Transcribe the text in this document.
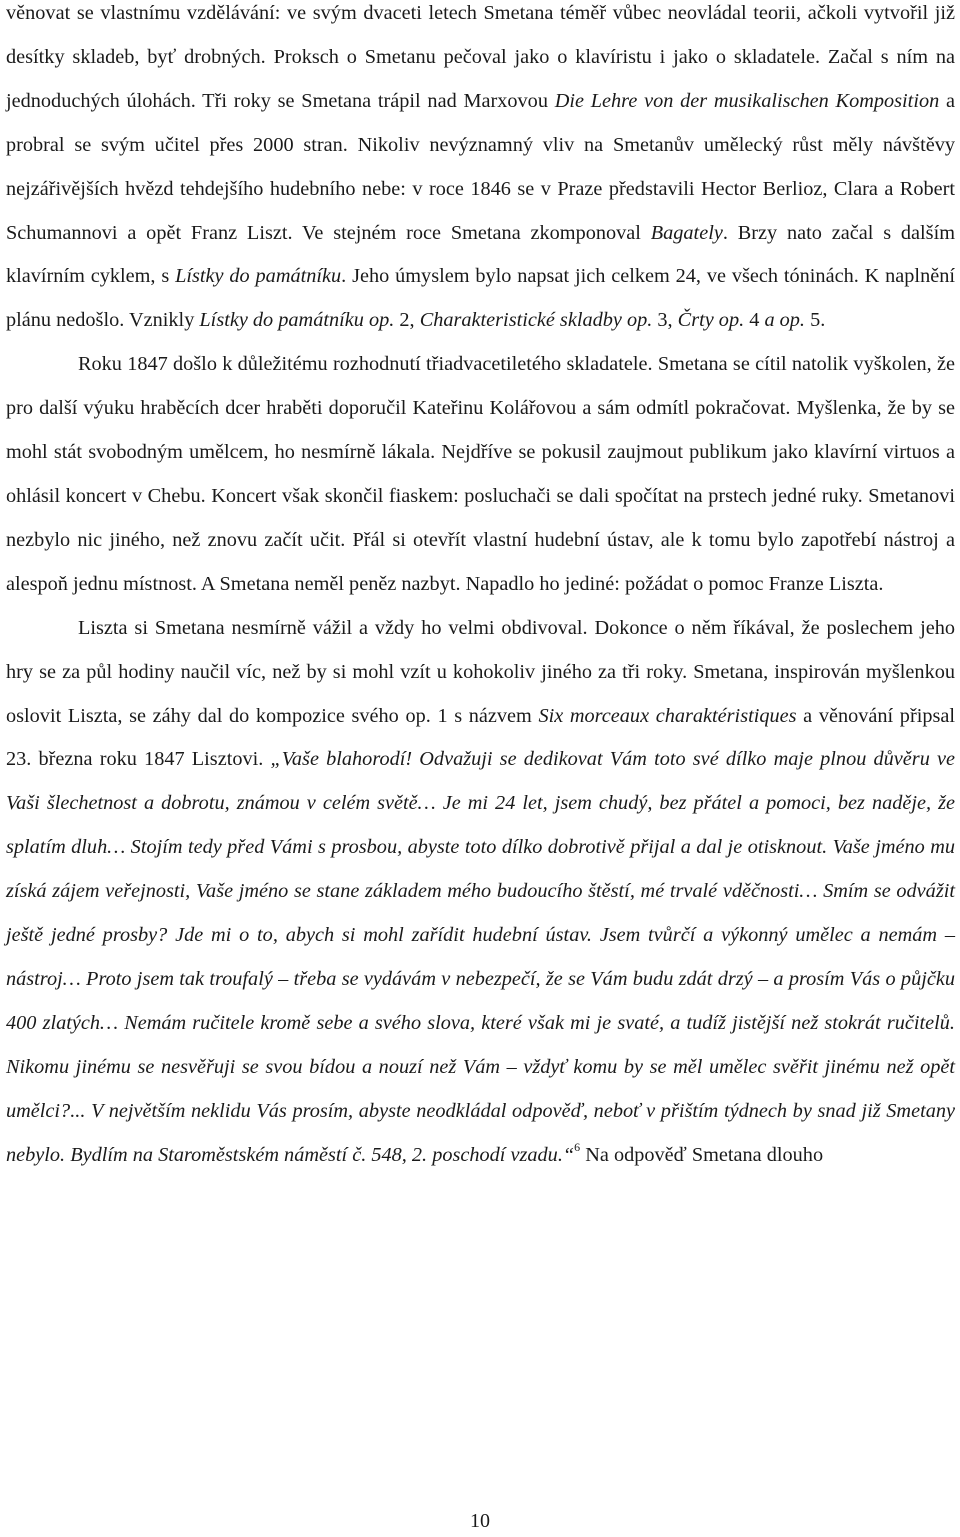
věnovat se vlastnímu vzdělávání: ve svým dvaceti letech Smetana téměř vůbec neovládal teorii, ačkoli vytvořil již desítky skladeb, byť drobných. Proksch o Smetanu pečoval jako o klavíristu i jako o skladatele. Začal s ním na jednoduchých úlohách. Tři roky se Smetana trápil nad Marxovou Die Lehre von der musikalischen Komposition a probral se svým učitel přes 2000 stran. Nikoliv nevýznamný vliv na Smetanův umělecký růst měly návštěvy nejzářivějších hvězd tehdejšího hudebního nebe: v roce 1846 se v Praze představili Hector Berlioz, Clara a Robert Schumannovi a opět Franz Liszt. Ve stejném roce Smetana zkomponoval Bagately. Brzy nato začal s dalším klavírním cyklem, s Lístky do památníku. Jeho úmyslem bylo napsat jich celkem 24, ve všech tóninách. K naplnění plánu nedošlo. Vznikly Lístky do památníku op. 2, Charakteristické skladby op. 3, Črty op. 4 a op. 5.

Roku 1847 došlo k důležitému rozhodnutí třiadvacetiletého skladatele. Smetana se cítil natolik vyškolen, že pro další výuku hraběcích dcer hraběti doporučil Kateřinu Kolářovou a sám odmítl pokračovat. Myšlenka, že by se mohl stát svobodným umělcem, ho nesmírně lákala. Nejdříve se pokusil zaujmout publikum jako klavírní virtuos a ohlásil koncert v Chebu. Koncert však skončil fiaskem: posluchači se dali spočítat na prstech jedné ruky. Smetanovi nezbylo nic jiného, než znovu začít učit. Přál si otevřít vlastní hudební ústav, ale k tomu bylo zapotřebí nástroj a alespoň jednu místnost. A Smetana neměl peněz nazbyt. Napadlo ho jediné: požádat o pomoc Franze Liszta.

Liszta si Smetana nesmírně vážil a vždy ho velmi obdivoval. Dokonce o něm říkával, že poslechem jeho hry se za půl hodiny naučil víc, než by si mohl vzít u kohokoliv jiného za tři roky. Smetana, inspirován myšlenkou oslovit Liszta, se záhy dal do kompozice svého op. 1 s názvem Six morceaux charaktéristiques a věnování připsal 23. března roku 1847 Lisztovi. „Vaše blahorodí! Odvažuji se dedikovat Vám toto své dílko maje plnou důvěru ve Vaši šlechetnost a dobrotu, známou v celém světě… Je mi 24 let, jsem chudý, bez přátel a pomoci, bez naděje, že splatím dluh… Stojím tedy před Vámi s prosbou, abyste toto dílko dobrotivě přijal a dal je otisknout. Vaše jméno mu získá zájem veřejnosti, Vaše jméno se stane základem mého budoucího štěstí, mé trvalé vděčnosti… Smím se odvážit ještě jedné prosby? Jde mi o to, abych si mohl zařídit hudební ústav. Jsem tvůrčí a výkonný umělec a nemám – nástroj… Proto jsem tak troufalý – třeba se vydávám v nebezpečí, že se Vám budu zdát drzý – a prosím Vás o půjčku 400 zlatých… Nemám ručitele kromě sebe a svého slova, které však mi je svaté, a tudíž jistější než stokrát ručitelů. Nikomu jinému se nesvěřuji se svou bídou a nouzí než Vám – vždyť komu by se měl umělec svěřit jinému než opět umělci?... V největším neklidu Vás prosím, abyste neodkládal odpověď, neboť v přištím týdnech by snad již Smetany nebylo. Bydlím na Staroměstském náměstí č. 548, 2. poschodí vzadu.“$^6$ Na odpověď Smetana dlouho

10
